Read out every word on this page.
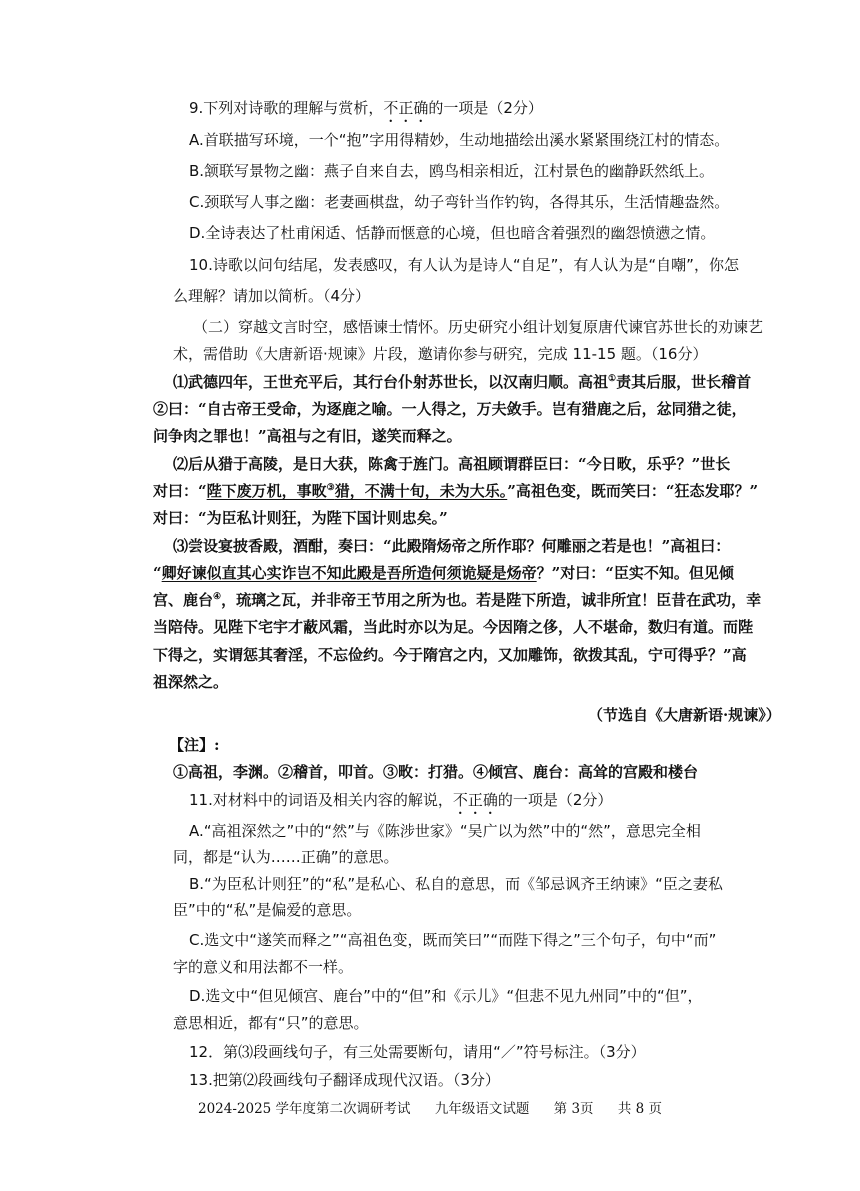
9.下列对诗歌的理解与赏析，不正确的一项是（2分）
A.首联描写环境，一个“抱”字用得精妙，生动地描绘出溪水紧紧围绕江村的情态。
B.颔联写景物之幽：燕子自来自去，鸥鸟相亲相近，江村景色的幽静跃然纸上。
C.颈联写人事之幽：老妻画棋盘，幼子弯针当作钓钩，各得其乐，生活情趣盎然。
D.全诗表达了杜甫闲适、恬静而惬意的心境，但也暗含着强烈的幽怨愤懑之情。
10.诗歌以问句结尾，发表感叹，有人认为是诗人“自足”，有人认为是“自嘲”，你怎
么理解？请加以简析。（4分）
（二）穿越文言时空，感悟谏士情怀。历史研究小组计划复原唐代谏官苏世长的劝谏艺
术，需借助《大唐新语·规谏》片段，邀请你参与研究，完成 11-15 题。（16分）
⑴武德四年，王世充平后，其行台仆射苏世长，以汉南归顺。高祖①责其后服，世长稽首
②曰：“自古帝王受命，为逐鹿之喻。一人得之，万夫敛手。岂有猎鹿之后，忿同猎之徒，
问争肉之罪也！”高祖与之有旧，遂笑而释之。
⑵后从猎于高陵，是日大获，陈禽于旌门。高祖顾谓群臣曰：“今日畋，乐乎？”世长
对曰：“陛下废万机，事畋③猎，不满十旬，未为大乐。”高祖色变，既而笑曰：“狂态发耶？”
对曰：“为臣私计则狂，为陛下国计则忠矣。”
⑶尝设宴披香殿，酒酣，奏曰：“此殿隋炀帝之所作耶？何雕丽之若是也！”高祖曰：
“卿好谏似直其心实诈岂不知此殿是吾所造何须诡疑是炀帝？”对曰：“臣实不知。但见倾
宫、鹿台④，琉璃之瓦，并非帝王节用之所为也。若是陛下所造，诚非所宜！臣昔在武功，幸
当陪侍。见陛下宅宇才蔽风霜，当此时亦以为足。今因隋之侈，人不堪命，数归有道。而陛
下得之，实谓惩其奢淫，不忘俭约。今于隋宫之内，又加雕饰，欲拨其乱，宁可得乎？”高
祖深然之。
（节选自《大唐新语·规谏》）
【注】:
①高祖，李渊。②稽首，叩首。③畋：打猎。④倾宫、鹿台：高耸的宫殿和楼台
11.对材料中的词语及相关内容的解说，不正确的一项是（2分）
A.“高祖深然之”中的“然”与《陈涉世家》“吴广以为然”中的“然”，意思完全相
同，都是“认为……正确”的意思。
B.“为臣私计则狂”的“私”是私心、私自的意思，而《邹忌讽齐王纳谏》“臣之妻私
臣”中的“私”是偏爱的意思。
C.选文中“遂笑而释之”“高祖色变，既而笑曰”“而陛下得之”三个句子，句中“而”
字的意义和用法都不一样。
D.选文中“但见倾宫、鹿台”中的“但”和《示儿》“但悲不见九州同”中的“但”，
意思相近，都有“只”的意思。
12．第⑶段画线句子，有三处需要断句，请用“／”符号标注。（3分）
13.把第⑵段画线句子翻译成现代汉语。（3分）
2024-2025 学年度第二次调研考试 九年级语文试题 第 3页 共 8 页
